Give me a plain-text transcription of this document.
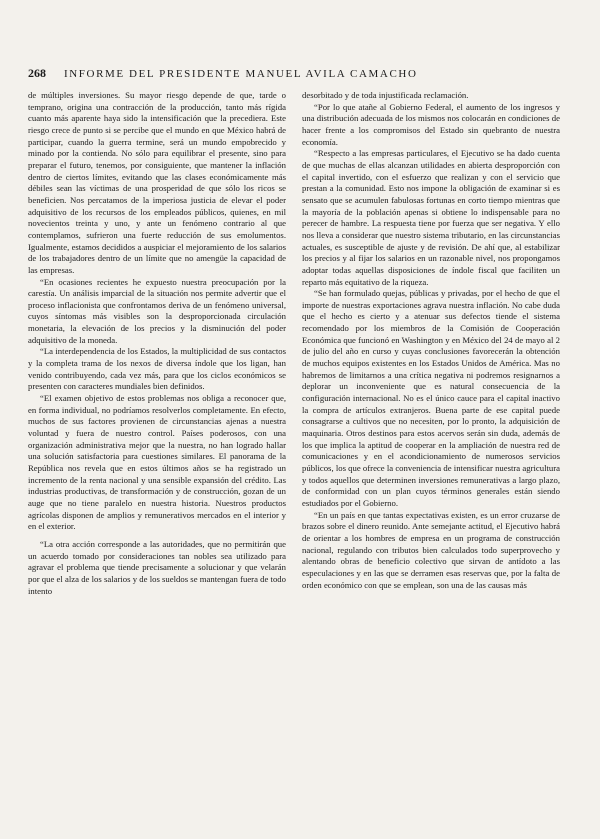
268 INFORME DEL PRESIDENTE MANUEL AVILA CAMACHO

de múltiples inversiones. Su mayor riesgo depende de que, tarde o temprano, origina una contracción de la producción, tanto más rígida cuanto más aparente haya sido la intensificación que la precediera. Este riesgo crece de punto si se percibe que el mundo en que México habrá de participar, cuando la guerra termine, será un mundo empobrecido y minado por la contienda. No sólo para equilibrar el presente, sino para preparar el futuro, tenemos, por consiguiente, que mantener la inflación dentro de ciertos límites, evitando que las clases económicamente más débiles sean las víctimas de una prosperidad de que sólo los ricos se beneficien. Nos percatamos de la imperiosa justicia de elevar el poder adquisitivo de los recursos de los empleados públicos, quienes, en mil novecientos treinta y uno, y ante un fenómeno contrario al que contemplamos, sufrieron una fuerte reducción de sus emolumentos. Igualmente, estamos decididos a auspiciar el mejoramiento de los salarios de los trabajadores dentro de un límite que no amengüe la capacidad de las empresas.

“En ocasiones recientes he expuesto nuestra preocupación por la carestía. Un análisis imparcial de la situación nos permite advertir que el proceso inflacionista que confrontamos deriva de un fenómeno universal, cuyos síntomas más visibles son la desproporcionada circulación monetaria, la elevación de los precios y la disminución del poder adquisitivo de la moneda.

“La interdependencia de los Estados, la multiplicidad de sus contactos y la completa trama de los nexos de diversa índole que los ligan, han venido contribuyendo, cada vez más, para que los ciclos económicos se presenten con caracteres mundiales bien definidos.

“El examen objetivo de estos problemas nos obliga a reconocer que, en forma individual, no podríamos resolverlos completamente. En efecto, muchos de sus factores provienen de circunstancias ajenas a nuestra voluntad y fuera de nuestro control. Países poderosos, con una organización administrativa mejor que la nuestra, no han logrado hallar una solución satisfactoria para cuestiones similares. El panorama de la República nos revela que en estos últimos años se ha registrado un incremento de la renta nacional y una sensible expansión del crédito. Las industrias productivas, de transformación y de construcción, gozan de un auge que no tiene paralelo en nuestra historia. Nuestros productos agrícolas disponen de amplios y remunerativos mercados en el interior y en el exterior.

“La otra acción corresponde a las autoridades, que no permitirán que un acuerdo tomado por consideraciones tan nobles sea utilizado para agravar el problema que tiende precisamente a solucionar y que velarán por que el alza de los salarios y de los sueldos se mantengan fuera de todo intento

desorbitado y de toda injustificada reclamación.

“Por lo que atañe al Gobierno Federal, el aumento de los ingresos y una distribución adecuada de los mismos nos colocarán en condiciones de hacer frente a los compromisos del Estado sin quebranto de nuestra economía.

“Respecto a las empresas particulares, el Ejecutivo se ha dado cuenta de que muchas de ellas alcanzan utilidades en abierta desproporción con el capital invertido, con el esfuerzo que realizan y con el servicio que prestan a la comunidad. Esto nos impone la obligación de examinar si es sensato que se acumulen fabulosas fortunas en corto tiempo mientras que la mayoría de la población apenas si obtiene lo indispensable para no perecer de hambre. La respuesta tiene por fuerza que ser negativa. Y ello nos lleva a considerar que nuestro sistema tributario, en las circunstancias actuales, es susceptible de ajuste y de revisión. De ahí que, al estabilizar los precios y al fijar los salarios en un razonable nivel, nos propongamos adoptar todas aquellas disposiciones de índole fiscal que faciliten un reparto más equitativo de la riqueza.

“Se han formulado quejas, públicas y privadas, por el hecho de que el importe de nuestras exportaciones agrava nuestra inflación. No cabe duda que el hecho es cierto y a atenuar sus defectos tiende el sistema recomendado por los miembros de la Comisión de Cooperación Económica que funcionó en Washington y en México del 24 de mayo al 2 de julio del año en curso y cuyas conclusiones favorecerán la obtención de muchos equipos existentes en los Estados Unidos de América. Mas no habremos de limitarnos a una crítica negativa ni podremos resignarnos a deplorar un inconveniente que es natural consecuencia de la configuración internacional. No es el único cauce para el capital inactivo la compra de artículos extranjeros. Buena parte de ese capital puede consagrarse a cultivos que no necesiten, por lo pronto, la adquisición de maquinaria. Otros destinos para estos acervos serán sin duda, además de los que implica la aptitud de cooperar en la ampliación de nuestra red de comunicaciones y en el acondicionamiento de numerosos servicios públicos, los que ofrece la conveniencia de intensificar nuestra agricultura y todos aquellos que determinen inversiones remunerativas a largo plazo, de conformidad con un plan cuyos términos generales están siendo estudiados por el Gobierno.

“En un país en que tantas expectativas existen, es un error cruzarse de brazos sobre el dinero reunido. Ante semejante actitud, el Ejecutivo habrá de orientar a los hombres de empresa en un programa de construcción nacional, regulando con tributos bien calculados todo superprovecho y alentando obras de beneficio colectivo que sirvan de antídoto a las especulaciones y en las que se derramen esas reservas que, por la falta de orden económico con que se emplean, son una de las causas más
